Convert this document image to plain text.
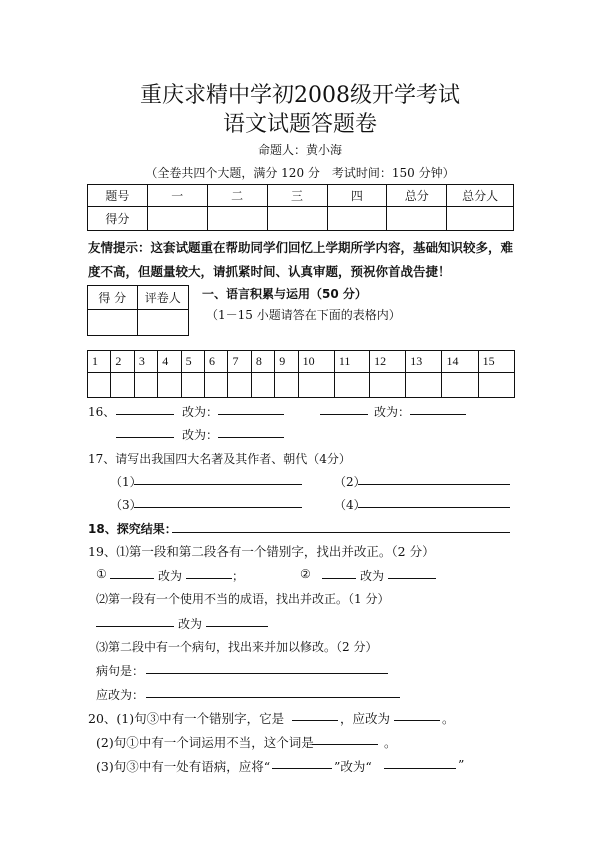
重庆求精中学初2008级开学考试
语文试题答题卷
命题人：黄小海
（全卷共四个大题，满分 120 分　考试时间：150 分钟）
题号	一	二	三	四	总分	总分人
得分						
友情提示：这套试题重在帮助同学们回忆上学期所学内容，基础知识较多，难
度不高，但题量较大，请抓紧时间、认真审题，预祝你首战告捷！
得 分	评卷人
	一、语言积累与运用（50 分）
（1－15 小题请答在下面的表格内）
1	2	3	4	5	6	7	8	9	10	11	12	13	14	15

16、	改为：	改为：
改为：
17、请写出我国四大名著及其作者、朝代（4分）
（1）	（2）
（3）	（4）
18、探究结果：
19、⑴第一段和第二段各有一个错别字，找出并改正。（2 分）
①	改为	；	②	改为
⑵第一段有一个使用不当的成语，找出并改正。（1 分）
改为
⑶第二段中有一个病句，找出来并加以修改。（2 分）
病句是：
应改为：
20、(1)句③中有一个错别字，它是	，应改为	。
(2)句①中有一个词运用不当，这个词是	。
(3)句③中有一处有语病，应将“	”改为“	”
